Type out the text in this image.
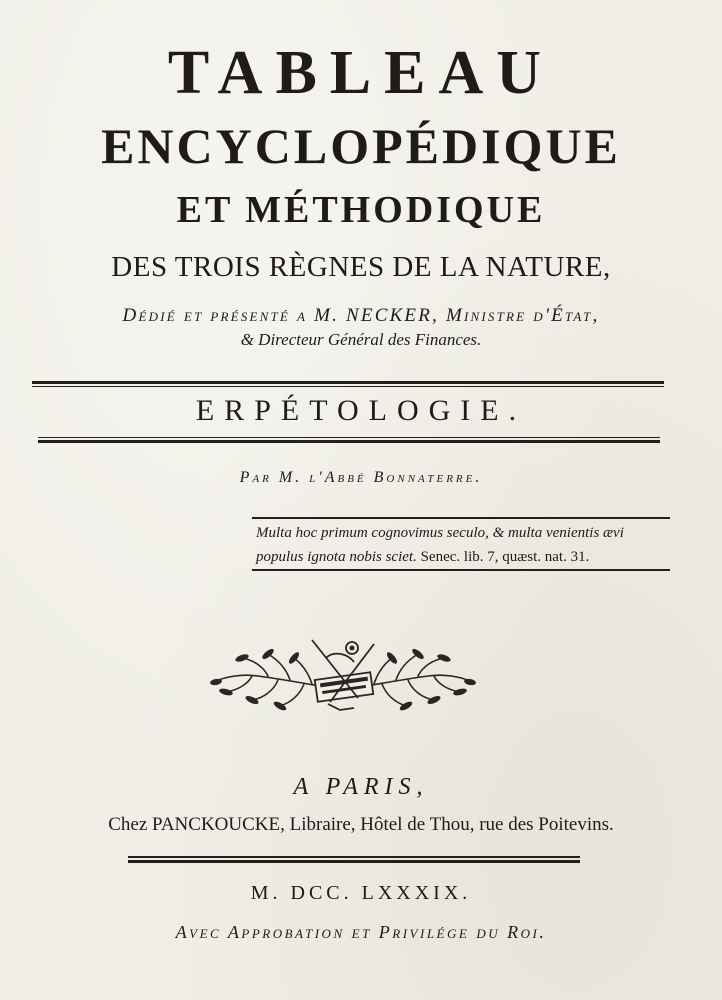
TABLEAU
ENCYCLOPÉDIQUE
ET MÉTHODIQUE
DES TROIS RÈGNES DE LA NATURE,
Dédié et présenté a M. NECKER, Ministre d'État,
& Directeur Général des Finances.
ERPÉTOLOGIE.
Par M. l'Abbé Bonnaterre.
Multa hoc primum cognovimus seculo, & multa venientis ævi
populus ignota nobis sciet. Senec. lib. 7, quæst. nat. 31.
A PARIS,
Chez PANCKOUCKE, Libraire, Hôtel de Thou, rue des Poitevins.
M. DCC. LXXXIX.
Avec Approbation et Privilége du Roi.
